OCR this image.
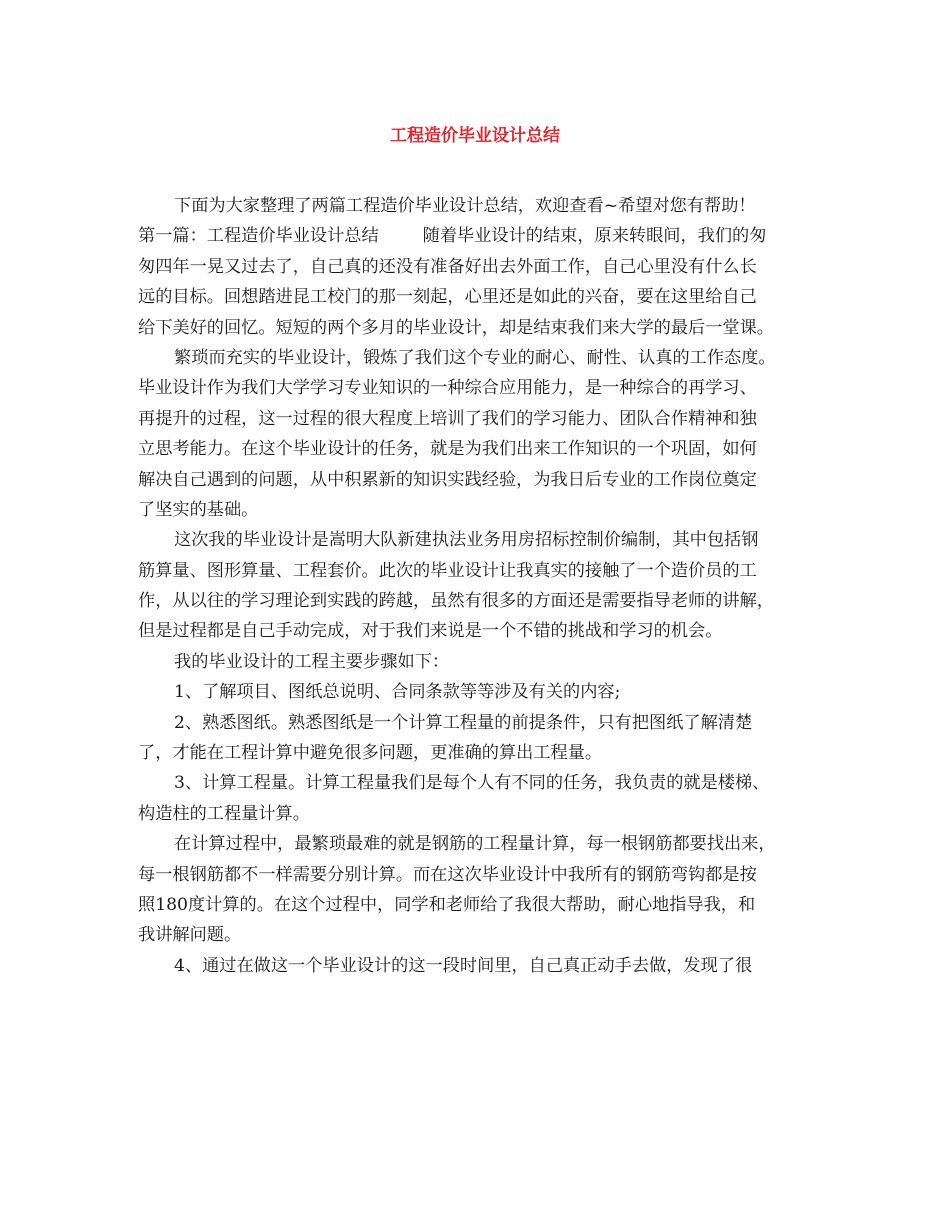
工程造价毕业设计总结
下面为大家整理了两篇工程造价毕业设计总结，欢迎查看~希望对您有帮助！
第一篇：工程造价毕业设计总结	随着毕业设计的结束，原来转眼间，我们的匆
匆四年一晃又过去了，自己真的还没有准备好出去外面工作，自己心里没有什么长
远的目标。回想踏进昆工校门的那一刻起，心里还是如此的兴奋，要在这里给自己
给下美好的回忆。短短的两个多月的毕业设计，却是结束我们来大学的最后一堂课。
繁琐而充实的毕业设计，锻炼了我们这个专业的耐心、耐性、认真的工作态度。
毕业设计作为我们大学学习专业知识的一种综合应用能力，是一种综合的再学习、
再提升的过程，这一过程的很大程度上培训了我们的学习能力、团队合作精神和独
立思考能力。在这个毕业设计的任务，就是为我们出来工作知识的一个巩固，如何
解决自己遇到的问题，从中积累新的知识实践经验，为我日后专业的工作岗位奠定
了坚实的基础。
这次我的毕业设计是嵩明大队新建执法业务用房招标控制价编制，其中包括钢
筋算量、图形算量、工程套价。此次的毕业设计让我真实的接触了一个造价员的工
作，从以往的学习理论到实践的跨越，虽然有很多的方面还是需要指导老师的讲解，
但是过程都是自己手动完成，对于我们来说是一个不错的挑战和学习的机会。
我的毕业设计的工程主要步骤如下：
1、了解项目、图纸总说明、合同条款等等涉及有关的内容;
2、熟悉图纸。熟悉图纸是一个计算工程量的前提条件，只有把图纸了解清楚
了，才能在工程计算中避免很多问题，更准确的算出工程量。
3、计算工程量。计算工程量我们是每个人有不同的任务，我负责的就是楼梯、
构造柱的工程量计算。
在计算过程中，最繁琐最难的就是钢筋的工程量计算，每一根钢筋都要找出来，
每一根钢筋都不一样需要分别计算。而在这次毕业设计中我所有的钢筋弯钩都是按
照180度计算的。在这个过程中，同学和老师给了我很大帮助，耐心地指导我，和
我讲解问题。
4、通过在做这一个毕业设计的这一段时间里，自己真正动手去做，发现了很
